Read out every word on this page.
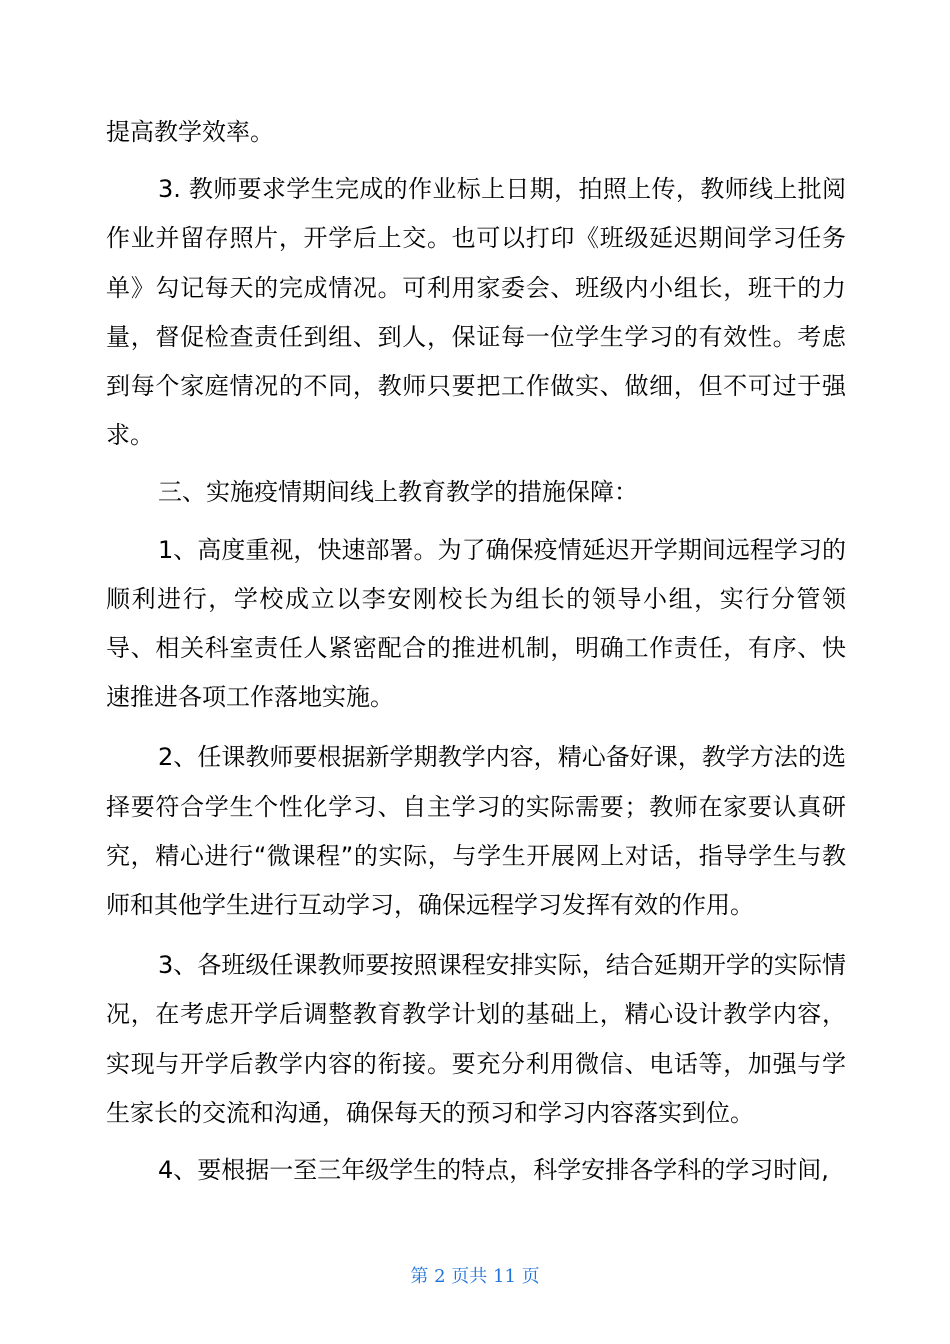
提高教学效率。

3. 教师要求学生完成的作业标上日期，拍照上传，教师线上批阅作业并留存照片，开学后上交。也可以打印《班级延迟期间学习任务单》勾记每天的完成情况。可利用家委会、班级内小组长，班干的力量，督促检查责任到组、到人，保证每一位学生学习的有效性。考虑到每个家庭情况的不同，教师只要把工作做实、做细，但不可过于强求。

三、实施疫情期间线上教育教学的措施保障：

1、高度重视，快速部署。为了确保疫情延迟开学期间远程学习的顺利进行，学校成立以李安刚校长为组长的领导小组，实行分管领导、相关科室责任人紧密配合的推进机制，明确工作责任，有序、快速推进各项工作落地实施。

2、任课教师要根据新学期教学内容，精心备好课，教学方法的选择要符合学生个性化学习、自主学习的实际需要；教师在家要认真研究，精心进行“微课程”的实际，与学生开展网上对话，指导学生与教师和其他学生进行互动学习，确保远程学习发挥有效的作用。

3、各班级任课教师要按照课程安排实际，结合延期开学的实际情况，在考虑开学后调整教育教学计划的基础上，精心设计教学内容，实现与开学后教学内容的衔接。要充分利用微信、电话等，加强与学生家长的交流和沟通，确保每天的预习和学习内容落实到位。

4、要根据一至三年级学生的特点，科学安排各学科的学习时间,

第 2 页共 11 页
